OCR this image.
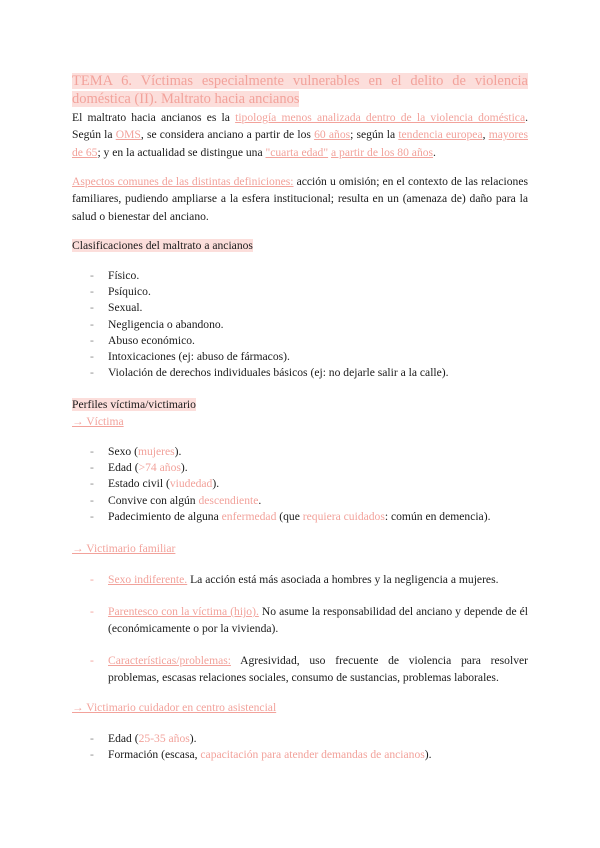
TEMA 6. Víctimas especialmente vulnerables en el delito de violencia doméstica (II). Maltrato hacia ancianos
El maltrato hacia ancianos es la tipología menos analizada dentro de la violencia doméstica. Según la OMS, se considera anciano a partir de los 60 años; según la tendencia europea, mayores de 65; y en la actualidad se distingue una "cuarta edad" a partir de los 80 años.
Aspectos comunes de las distintas definiciones: acción u omisión; en el contexto de las relaciones familiares, pudiendo ampliarse a la esfera institucional; resulta en un (amenaza de) daño para la salud o bienestar del anciano.
Clasificaciones del maltrato a ancianos
- Físico.
- Psíquico.
- Sexual.
- Negligencia o abandono.
- Abuso económico.
- Intoxicaciones (ej: abuso de fármacos).
- Violación de derechos individuales básicos (ej: no dejarle salir a la calle).
Perfiles víctima/victimario
→ Víctima
- Sexo (mujeres).
- Edad (>74 años).
- Estado civil (viudedad).
- Convive con algún descendiente.
- Padecimiento de alguna enfermedad (que requiera cuidados: común en demencia).
→ Victimario familiar
- Sexo indiferente. La acción está más asociada a hombres y la negligencia a mujeres.
- Parentesco con la víctima (hijo). No asume la responsabilidad del anciano y depende de él (económicamente o por la vivienda).
- Características/problemas: Agresividad, uso frecuente de violencia para resolver problemas, escasas relaciones sociales, consumo de sustancias, problemas laborales.
→ Victimario cuidador en centro asistencial
- Edad (25-35 años).
- Formación (escasa, capacitación para atender demandas de ancianos).
